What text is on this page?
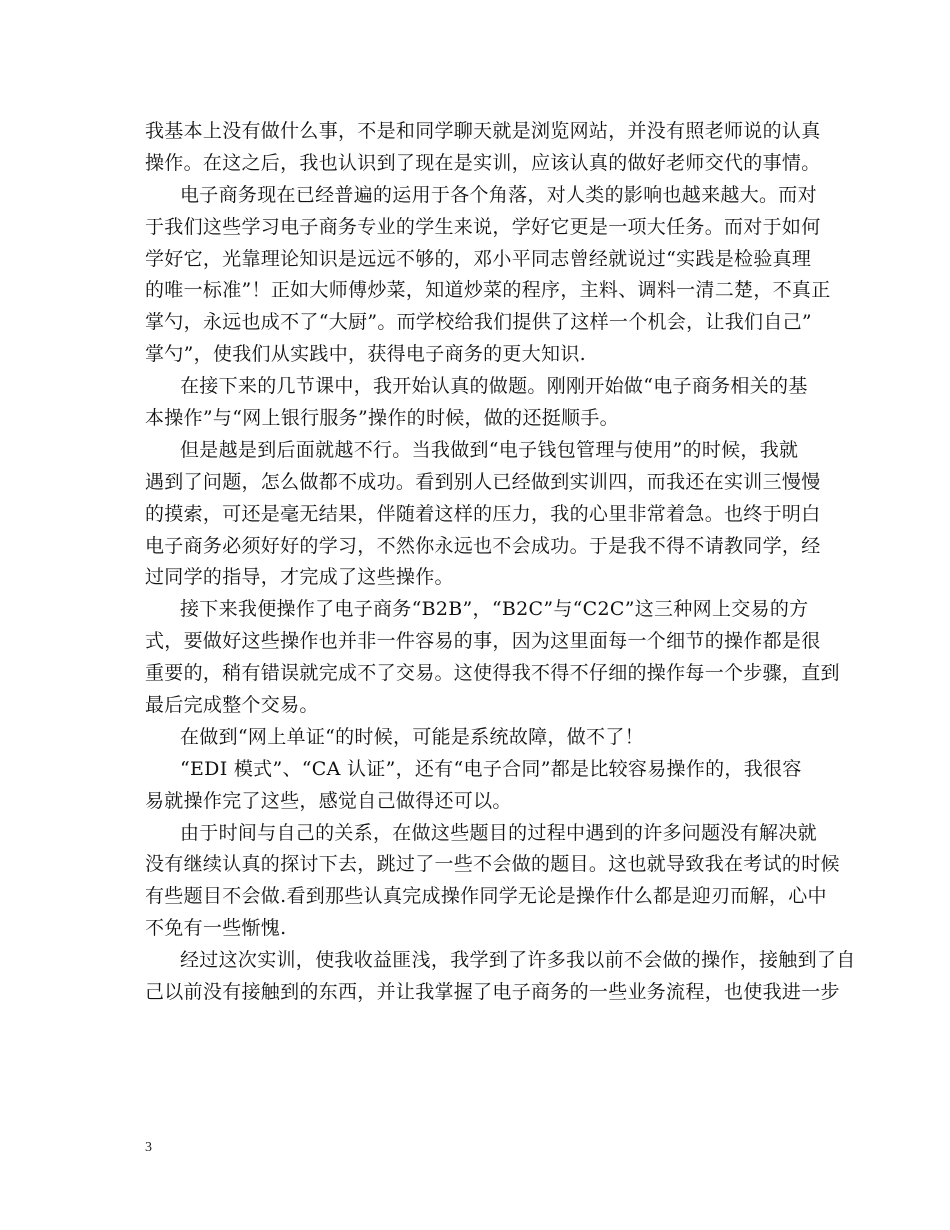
我基本上没有做什么事，不是和同学聊天就是浏览网站，并没有照老师说的认真
操作。在这之后，我也认识到了现在是实训，应该认真的做好老师交代的事情。
电子商务现在已经普遍的运用于各个角落，对人类的影响也越来越大。而对
于我们这些学习电子商务专业的学生来说，学好它更是一项大任务。而对于如何
学好它，光靠理论知识是远远不够的，邓小平同志曾经就说过“实践是检验真理
的唯一标准”！正如大师傅炒菜，知道炒菜的程序，主料、调料一清二楚，不真正
掌勺，永远也成不了“大厨”。而学校给我们提供了这样一个机会，让我们自己”
掌勺”，使我们从实践中，获得电子商务的更大知识.
在接下来的几节课中，我开始认真的做题。刚刚开始做“电子商务相关的基
本操作”与“网上银行服务”操作的时候，做的还挺顺手。
但是越是到后面就越不行。当我做到“电子钱包管理与使用”的时候，我就
遇到了问题，怎么做都不成功。看到别人已经做到实训四，而我还在实训三慢慢
的摸索，可还是毫无结果，伴随着这样的压力，我的心里非常着急。也终于明白
电子商务必须好好的学习，不然你永远也不会成功。于是我不得不请教同学，经
过同学的指导，才完成了这些操作。
接下来我便操作了电子商务“B2B”，“B2C”与“C2C”这三种网上交易的方
式，要做好这些操作也并非一件容易的事，因为这里面每一个细节的操作都是很
重要的，稍有错误就完成不了交易。这使得我不得不仔细的操作每一个步骤，直到
最后完成整个交易。
在做到“网上单证“的时候，可能是系统故障，做不了！
“EDI 模式”、“CA 认证”，还有“电子合同”都是比较容易操作的，我很容
易就操作完了这些，感觉自己做得还可以。
由于时间与自己的关系，在做这些题目的过程中遇到的许多问题没有解决就
没有继续认真的探讨下去，跳过了一些不会做的题目。这也就导致我在考试的时候
有些题目不会做.看到那些认真完成操作同学无论是操作什么都是迎刃而解，心中
不免有一些惭愧.
经过这次实训，使我收益匪浅，我学到了许多我以前不会做的操作，接触到了自
己以前没有接触到的东西，并让我掌握了电子商务的一些业务流程，也使我进一步
3
